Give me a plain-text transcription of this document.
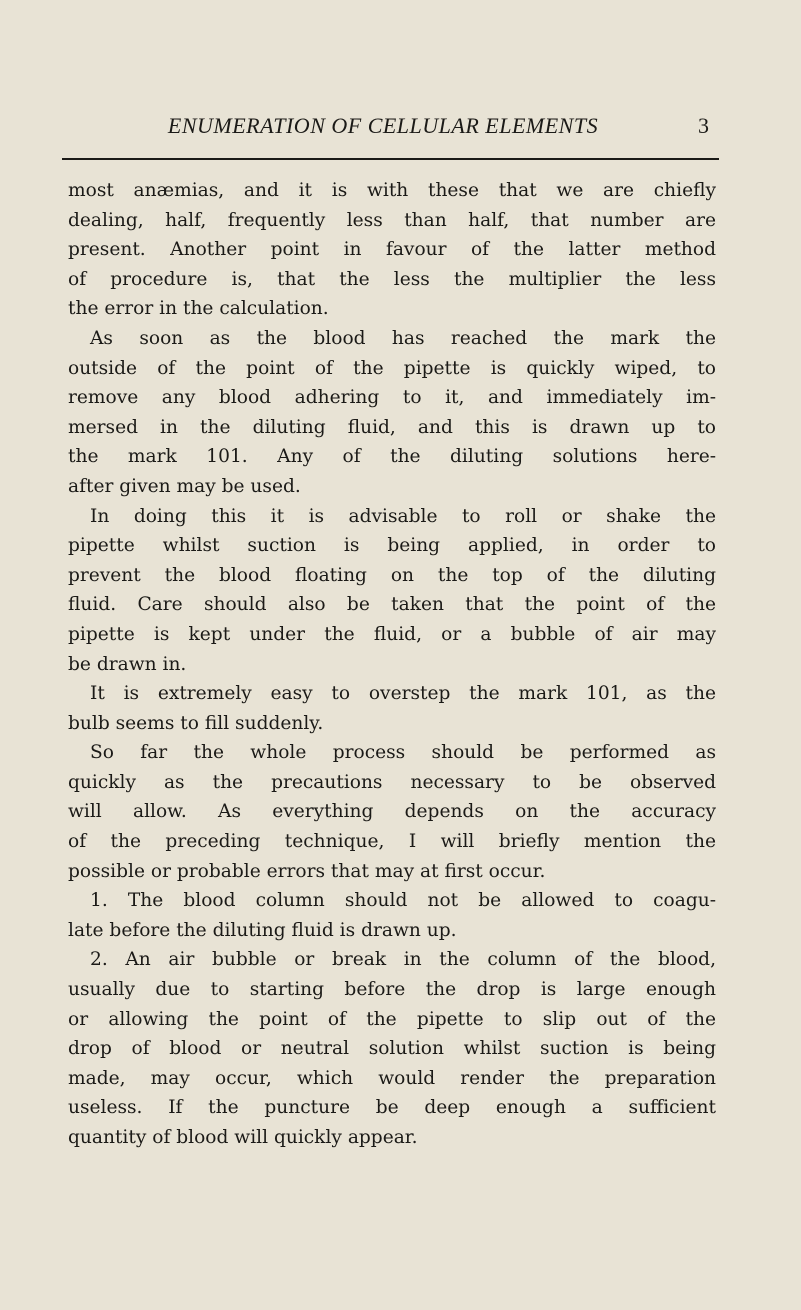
ENUMERATION OF CELLULAR ELEMENTS	3
most anæmias, and it is with these that we are chiefly
dealing, half, frequently less than half, that number are
present. Another point in favour of the latter method
of procedure is, that the less the multiplier the less
the error in the calculation.
As soon as the blood has reached the mark the
outside of the point of the pipette is quickly wiped, to
remove any blood adhering to it, and immediately im-
mersed in the diluting fluid, and this is drawn up to
the mark 101. Any of the diluting solutions here-
after given may be used.
In doing this it is advisable to roll or shake the
pipette whilst suction is being applied, in order to
prevent the blood floating on the top of the diluting
fluid. Care should also be taken that the point of the
pipette is kept under the fluid, or a bubble of air may
be drawn in.
It is extremely easy to overstep the mark 101, as the
bulb seems to fill suddenly.
So far the whole process should be performed as
quickly as the precautions necessary to be observed
will allow. As everything depends on the accuracy
of the preceding technique, I will briefly mention the
possible or probable errors that may at first occur.
1. The blood column should not be allowed to coagu-
late before the diluting fluid is drawn up.
2. An air bubble or break in the column of the blood,
usually due to starting before the drop is large enough
or allowing the point of the pipette to slip out of the
drop of blood or neutral solution whilst suction is being
made, may occur, which would render the preparation
useless. If the puncture be deep enough a sufficient
quantity of blood will quickly appear.
